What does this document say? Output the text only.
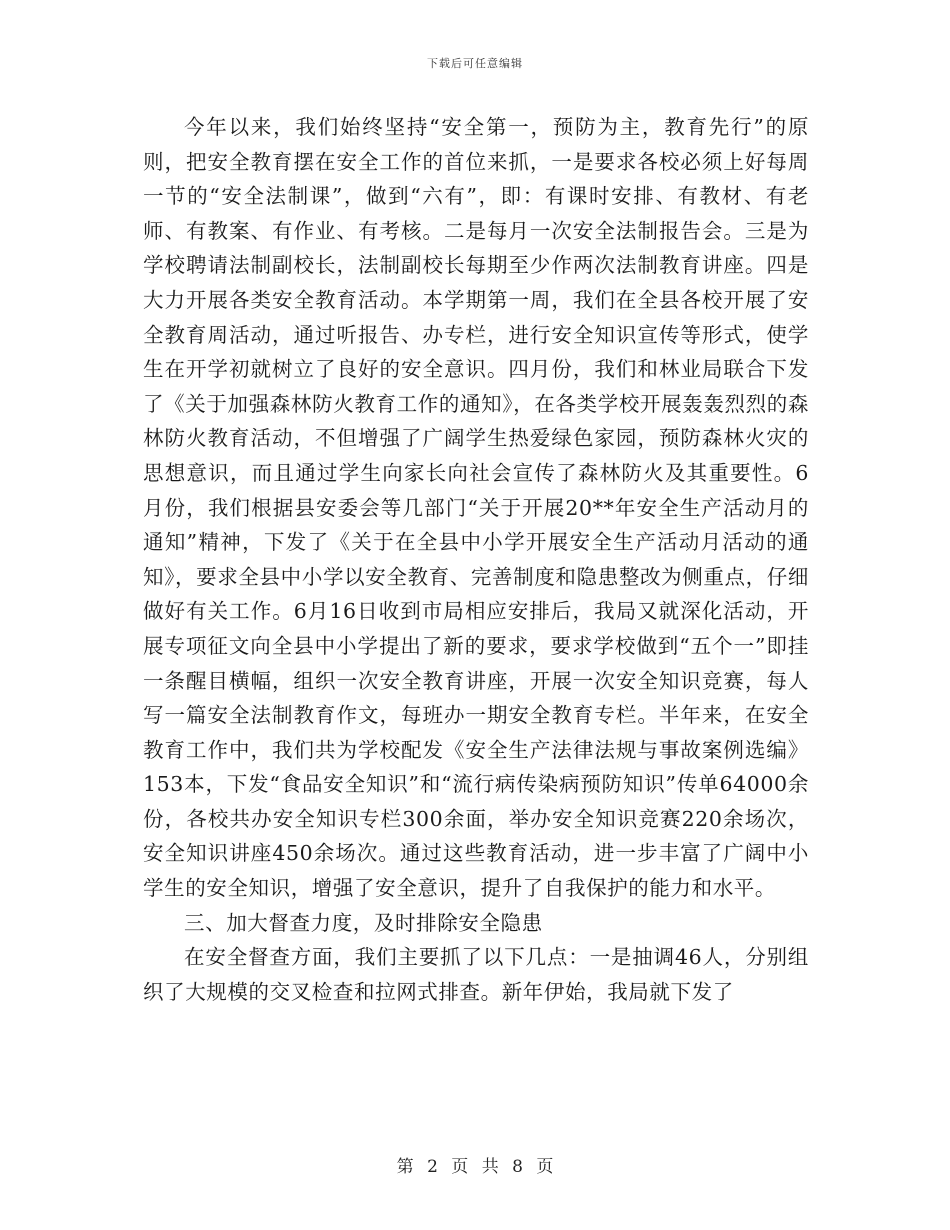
下载后可任意编辑

今年以来，我们始终坚持“安全第一，预防为主，教育先行”的原则，把安全教育摆在安全工作的首位来抓，一是要求各校必须上好每周一节的“安全法制课”，做到“六有”，即：有课时安排、有教材、有老师、有教案、有作业、有考核。二是每月一次安全法制报告会。三是为学校聘请法制副校长，法制副校长每期至少作两次法制教育讲座。四是大力开展各类安全教育活动。本学期第一周，我们在全县各校开展了安全教育周活动，通过听报告、办专栏，进行安全知识宣传等形式，使学生在开学初就树立了良好的安全意识。四月份，我们和林业局联合下发了《关于加强森林防火教育工作的通知》，在各类学校开展轰轰烈烈的森林防火教育活动，不但增强了广阔学生热爱绿色家园，预防森林火灾的思想意识，而且通过学生向家长向社会宣传了森林防火及其重要性。6月份，我们根据县安委会等几部门“关于开展20**年安全生产活动月的通知”精神，下发了《关于在全县中小学开展安全生产活动月活动的通知》，要求全县中小学以安全教育、完善制度和隐患整改为侧重点，仔细做好有关工作。6月16日收到市局相应安排后，我局又就深化活动，开展专项征文向全县中小学提出了新的要求，要求学校做到“五个一”即挂一条醒目横幅，组织一次安全教育讲座，开展一次安全知识竞赛，每人写一篇安全法制教育作文，每班办一期安全教育专栏。半年来，在安全教育工作中，我们共为学校配发《安全生产法律法规与事故案例选编》153本，下发“食品安全知识”和“流行病传染病预防知识”传单64000余份，各校共办安全知识专栏300余面，举办安全知识竞赛220余场次，安全知识讲座450余场次。通过这些教育活动，进一步丰富了广阔中小学生的安全知识，增强了安全意识，提升了自我保护的能力和水平。

三、加大督查力度，及时排除安全隐患

在安全督查方面，我们主要抓了以下几点：一是抽调46人，分别组织了大规模的交叉检查和拉网式排查。新年伊始，我局就下发了

第 2 页 共 8 页
